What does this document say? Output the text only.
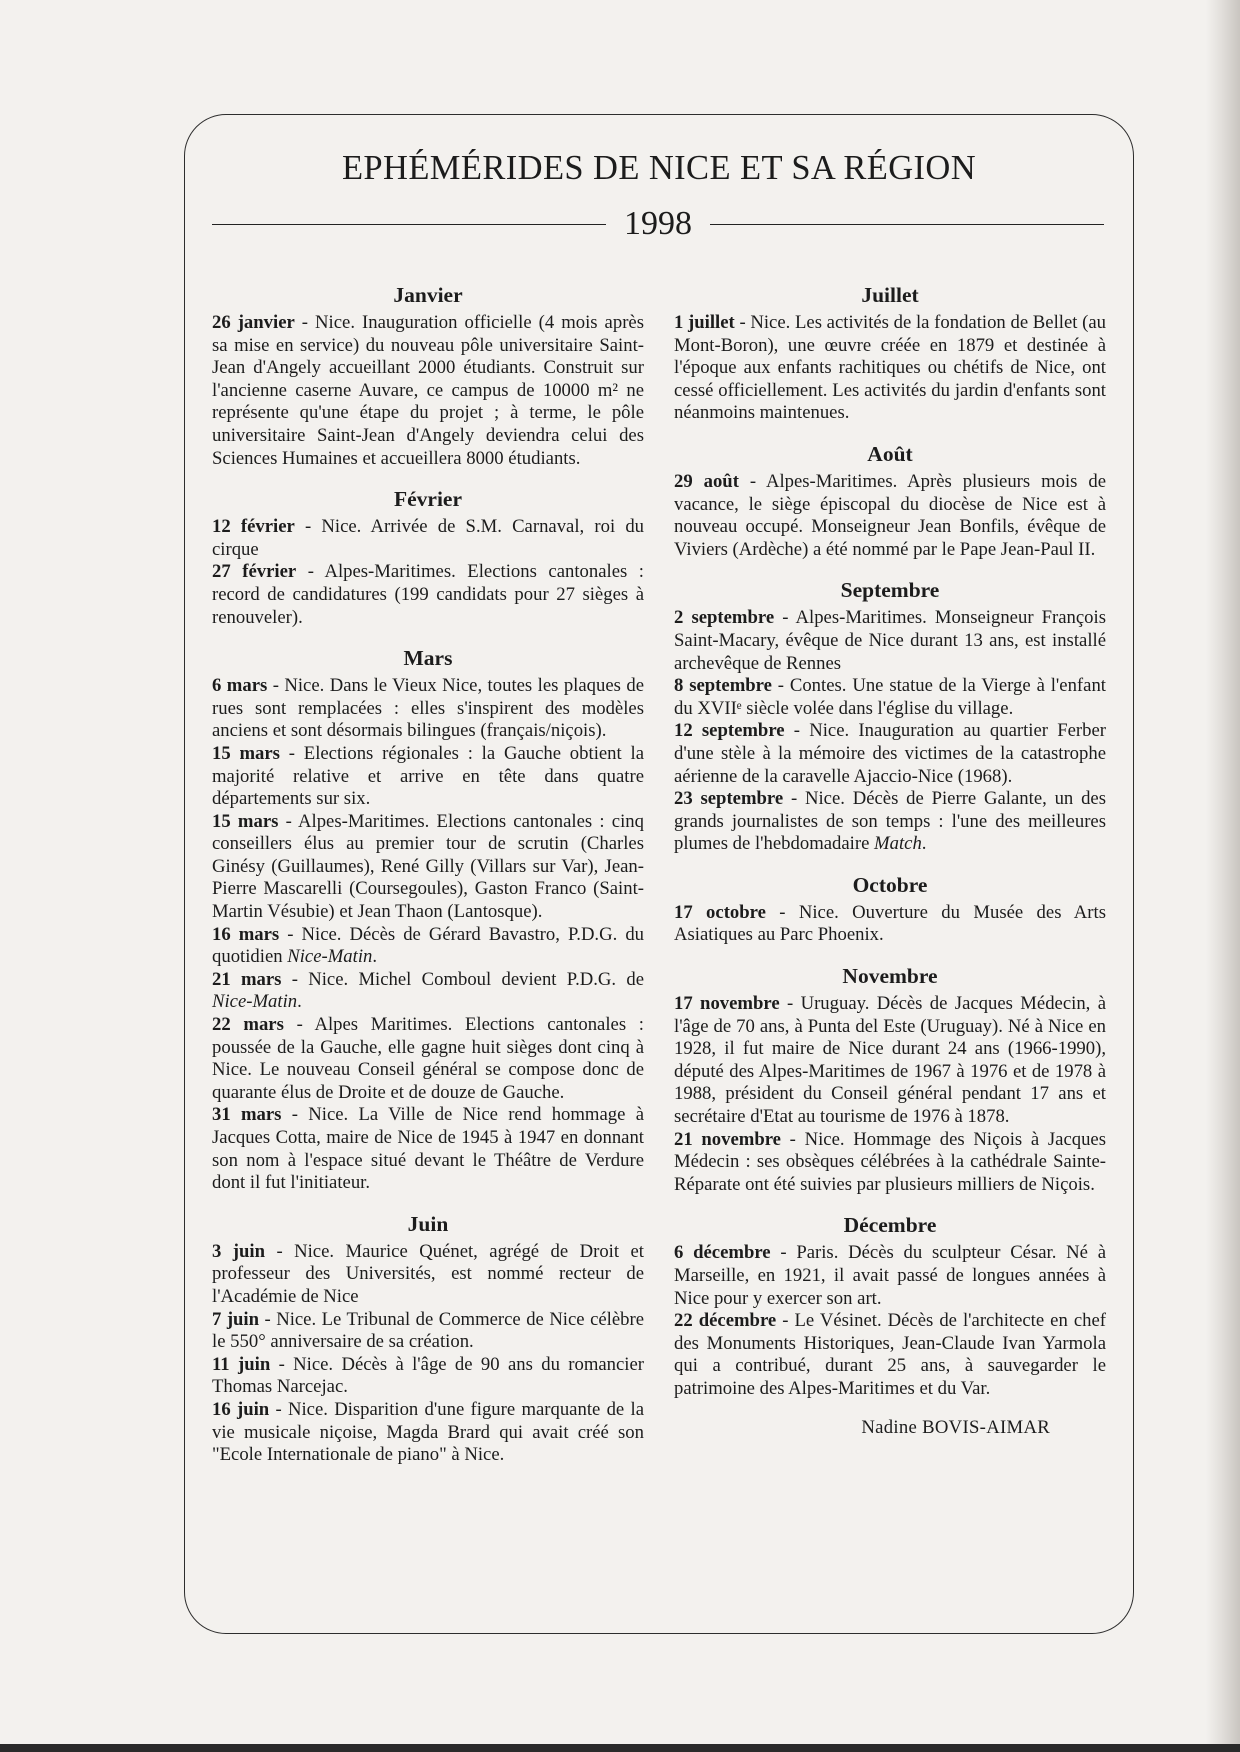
EPHÉMÉRIDES DE NICE ET SA RÉGION
1998
Janvier

26 janvier - Nice. Inauguration officielle (4 mois après sa mise en service) du nouveau pôle universitaire Saint-Jean d'Angely accueillant 2000 étudiants. Construit sur l'ancienne caserne Auvare, ce campus de 10000 m² ne représente qu'une étape du projet ; à terme, le pôle universitaire Saint-Jean d'Angely deviendra celui des Sciences Humaines et accueillera 8000 étudiants.

Février

12 février - Nice. Arrivée de S.M. Carnaval, roi du cirque

27 février - Alpes-Maritimes. Elections cantonales : record de candidatures (199 candidats pour 27 sièges à renouveler).

Mars

6 mars - Nice. Dans le Vieux Nice, toutes les plaques de rues sont remplacées : elles s'inspirent des modèles anciens et sont désormais bilingues (français/niçois).

15 mars - Elections régionales : la Gauche obtient la majorité relative et arrive en tête dans quatre départements sur six.

15 mars - Alpes-Maritimes. Elections cantonales : cinq conseillers élus au premier tour de scrutin (Charles Ginésy (Guillaumes), René Gilly (Villars sur Var), Jean-Pierre Mascarelli (Coursegoules), Gaston Franco (Saint-Martin Vésubie) et Jean Thaon (Lantosque).

16 mars - Nice. Décès de Gérard Bavastro, P.D.G. du quotidien Nice-Matin.

21 mars - Nice. Michel Comboul devient P.D.G. de Nice-Matin.

22 mars - Alpes Maritimes. Elections cantonales : poussée de la Gauche, elle gagne huit sièges dont cinq à Nice. Le nouveau Conseil général se compose donc de quarante élus de Droite et de douze de Gauche.

31 mars - Nice. La Ville de Nice rend hommage à Jacques Cotta, maire de Nice de 1945 à 1947 en donnant son nom à l'espace situé devant le Théâtre de Verdure dont il fut l'initiateur.

Juin

3 juin - Nice. Maurice Quénet, agrégé de Droit et professeur des Universités, est nommé recteur de l'Académie de Nice

7 juin - Nice. Le Tribunal de Commerce de Nice célèbre le 550° anniversaire de sa création.

11 juin - Nice. Décès à l'âge de 90 ans du romancier Thomas Narcejac.

16 juin - Nice. Disparition d'une figure marquante de la vie musicale niçoise, Magda Brard qui avait créé son "Ecole Internationale de piano" à Nice.

Juillet

1 juillet - Nice. Les activités de la fondation de Bellet (au Mont-Boron), une œuvre créée en 1879 et destinée à l'époque aux enfants rachitiques ou chétifs de Nice, ont cessé officiellement. Les activités du jardin d'enfants sont néanmoins maintenues.

Août

29 août - Alpes-Maritimes. Après plusieurs mois de vacance, le siège épiscopal du diocèse de Nice est à nouveau occupé. Monseigneur Jean Bonfils, évêque de Viviers (Ardèche) a été nommé par le Pape Jean-Paul II.

Septembre

2 septembre - Alpes-Maritimes. Monseigneur François Saint-Macary, évêque de Nice durant 13 ans, est installé archevêque de Rennes

8 septembre - Contes. Une statue de la Vierge à l'enfant du XVIIᵉ siècle volée dans l'église du village.

12 septembre - Nice. Inauguration au quartier Ferber d'une stèle à la mémoire des victimes de la catastrophe aérienne de la caravelle Ajaccio-Nice (1968).

23 septembre - Nice. Décès de Pierre Galante, un des grands journalistes de son temps : l'une des meilleures plumes de l'hebdomadaire Match.

Octobre

17 octobre - Nice. Ouverture du Musée des Arts Asiatiques au Parc Phoenix.

Novembre

17 novembre - Uruguay. Décès de Jacques Médecin, à l'âge de 70 ans, à Punta del Este (Uruguay). Né à Nice en 1928, il fut maire de Nice durant 24 ans (1966-1990), député des Alpes-Maritimes de 1967 à 1976 et de 1978 à 1988, président du Conseil général pendant 17 ans et secrétaire d'Etat au tourisme de 1976 à 1878.

21 novembre - Nice. Hommage des Niçois à Jacques Médecin : ses obsèques célébrées à la cathédrale Sainte-Réparate ont été suivies par plusieurs milliers de Niçois.

Décembre

6 décembre - Paris. Décès du sculpteur César. Né à Marseille, en 1921, il avait passé de longues années à Nice pour y exercer son art.

22 décembre - Le Vésinet. Décès de l'architecte en chef des Monuments Historiques, Jean-Claude Ivan Yarmola qui a contribué, durant 25 ans, à sauvegarder le patrimoine des Alpes-Maritimes et du Var.

Nadine BOVIS-AIMAR
